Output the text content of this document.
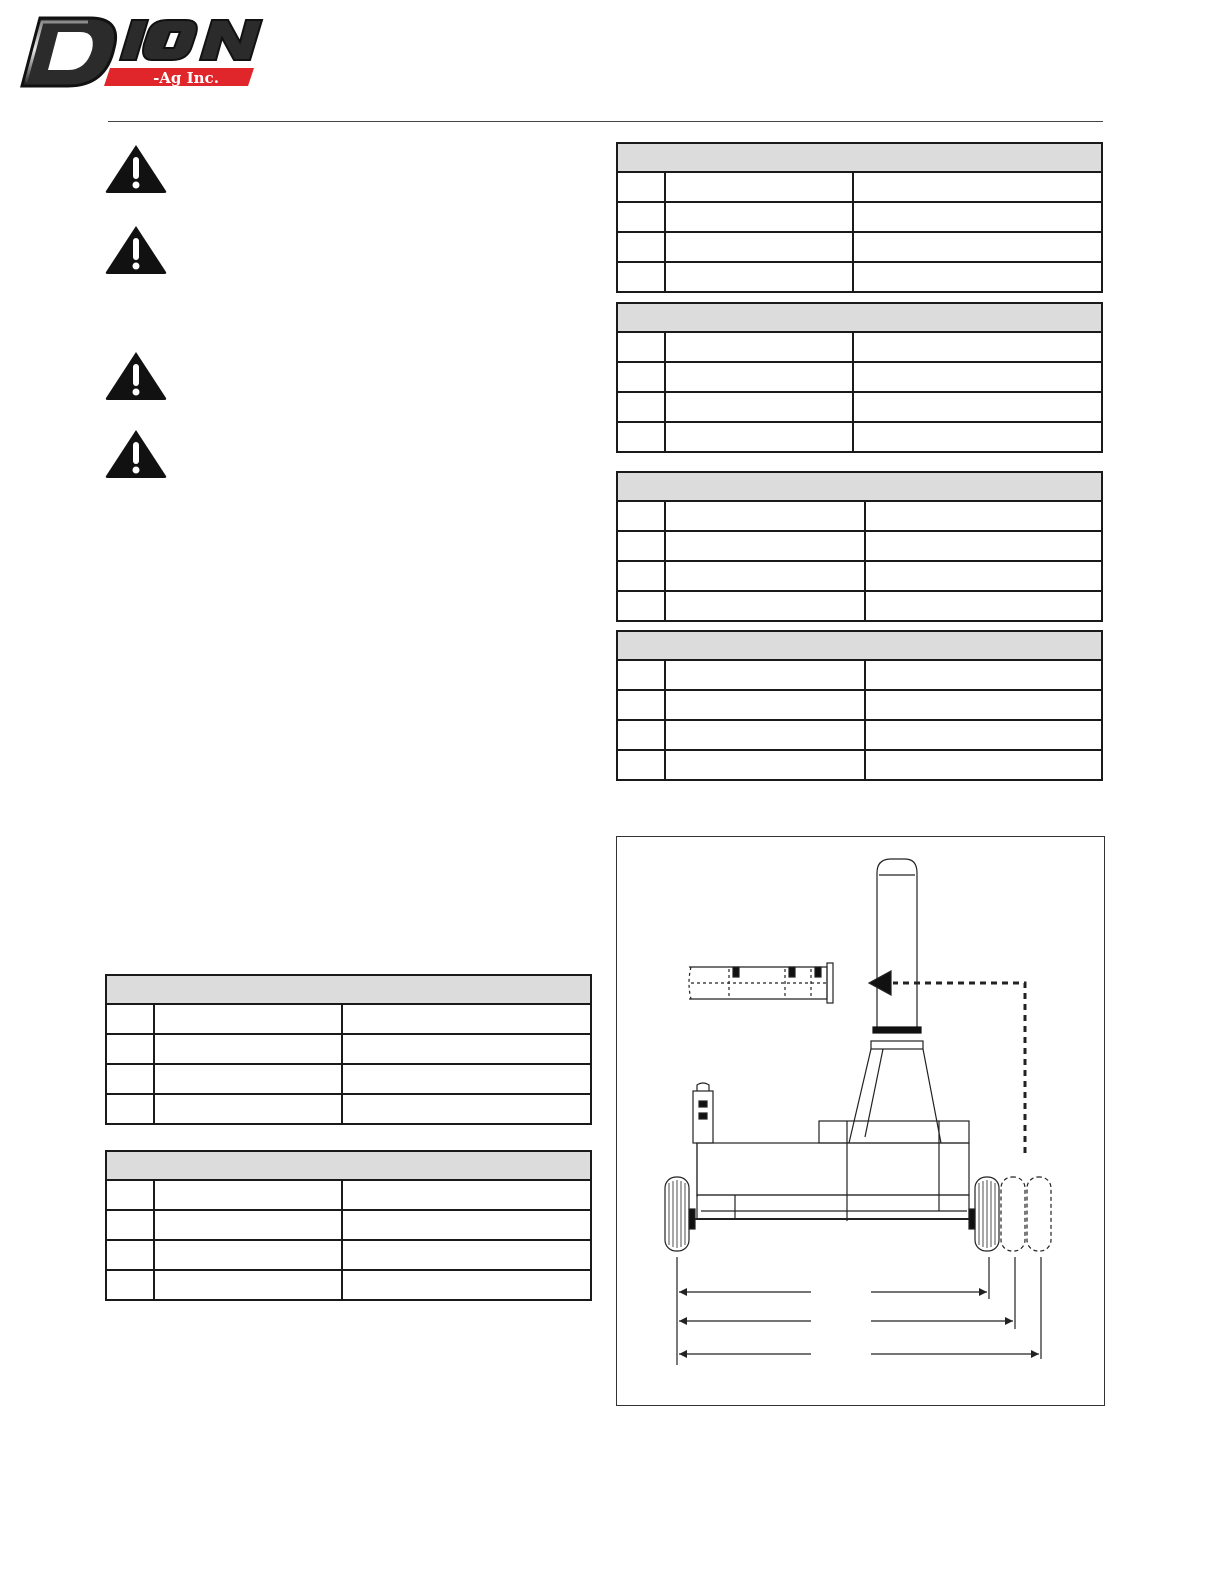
-Ag Inc.
